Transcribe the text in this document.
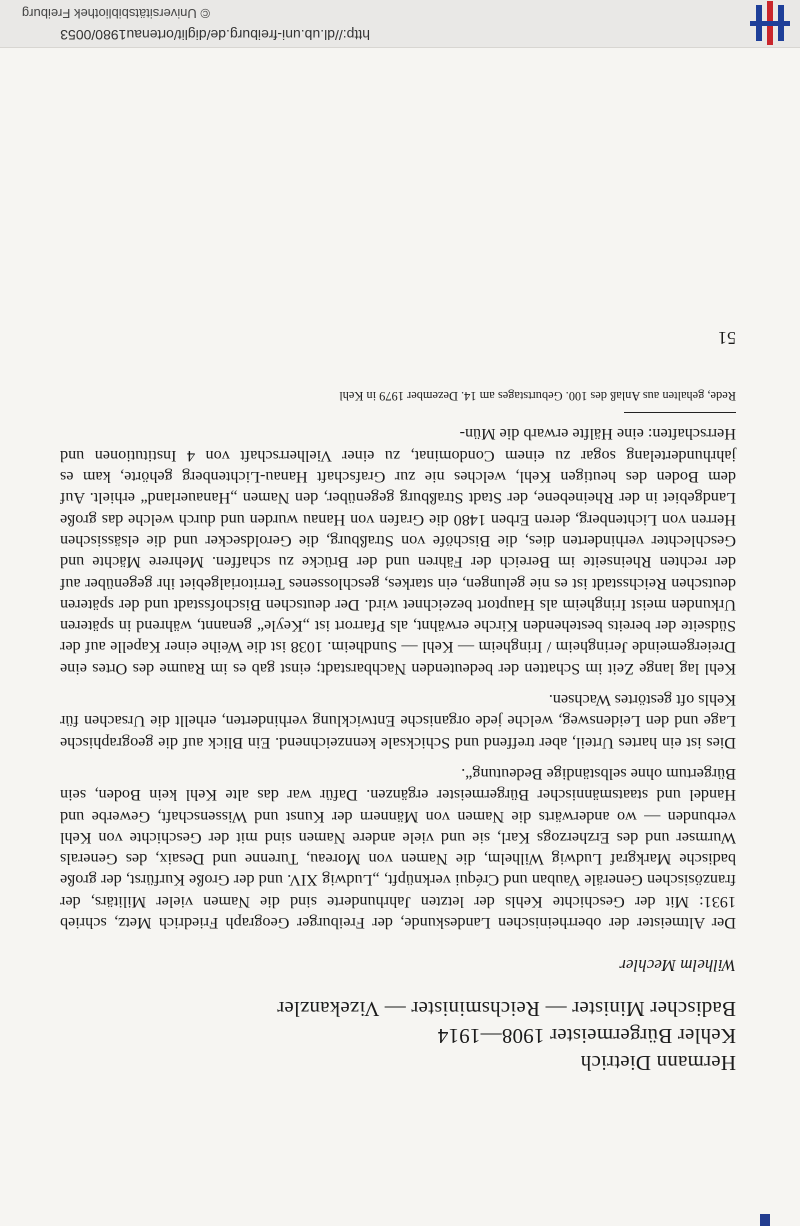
Hermann Dietrich
Kehler Bürgermeister 1908—1914
Badischer Minister — Reichsminister — Vizekanzler
Wilhelm Mechler

Der Altmeister der oberrheinischen Landeskunde, der Freiburger Geograph Friedrich Metz, schrieb 1931: Mit der Geschichte Kehls der letzten Jahrhunderte sind die Namen vieler Militärs, der französischen Generäle Vauban und Créqui verknüpft, „Ludwig XIV. und der Große Kurfürst, der große badische Markgraf Ludwig Wilhelm, die Namen von Moreau, Turenne und Desaix, des Generals Wurmser und des Erzherzogs Karl, sie und viele andere Namen sind mit der Geschichte von Kehl verbunden — wo anderwärts die Namen von Männern der Kunst und Wissenschaft, Gewerbe und Handel und staatsmännischer Bürgermeister ergänzen. Dafür war das alte Kehl kein Boden, sein Bürgertum ohne selbständige Bedeutung“.

Dies ist ein hartes Urteil, aber treffend und Schicksale kennzeichnend. Ein Blick auf die geographische Lage und den Leidensweg, welche jede organische Entwicklung verhinderten, erhellt die Ursachen für Kehls oft gestörtes Wachsen.

Kehl lag lange Zeit im Schatten der bedeutenden Nachbarstadt; einst gab es im Raume des Ortes eine Dreiergemeinde Jeringheim / Iringheim — Kehl — Sundheim. 1038 ist die Weihe einer Kapelle auf der Südseite der bereits bestehenden Kirche erwähnt, als Pfarrort ist „Keyle“ genannt, während in späteren Urkunden meist Iringheim als Hauptort bezeichnet wird. Der deutschen Bischofsstadt und der späteren deutschen Reichsstadt ist es nie gelungen, ein starkes, geschlossenes Territorialgebiet ihr gegenüber auf der rechten Rheinseite im Bereich der Fähren und der Brücke zu schaffen. Mehrere Mächte und Geschlechter verhinderten dies, die Bischöfe von Straßburg, die Geroldsecker und die elsässischen Herren von Lichtenberg, deren Erben 1480 die Grafen von Hanau wurden und durch welche das große Landgebiet in der Rheinebene, der Stadt Straßburg gegenüber, den Namen „Hanauerland“ erhielt. Auf dem Boden des heutigen Kehl, welches nie zur Grafschaft Hanau-Lichtenberg gehörte, kam es jahrhundertelang sogar zu einem Condominat, zu einer Vielherrschaft von 4 Institutionen und Herrschaften: eine Hälfte erwarb die Mün-

Rede, gehalten aus Anlaß des 100. Geburtstages am 14. Dezember 1979 in Kehl

51
http://dl.ub.uni-freiburg.de/diglit/ortenau1980/0053
© Universitätsbibliothek Freiburg
